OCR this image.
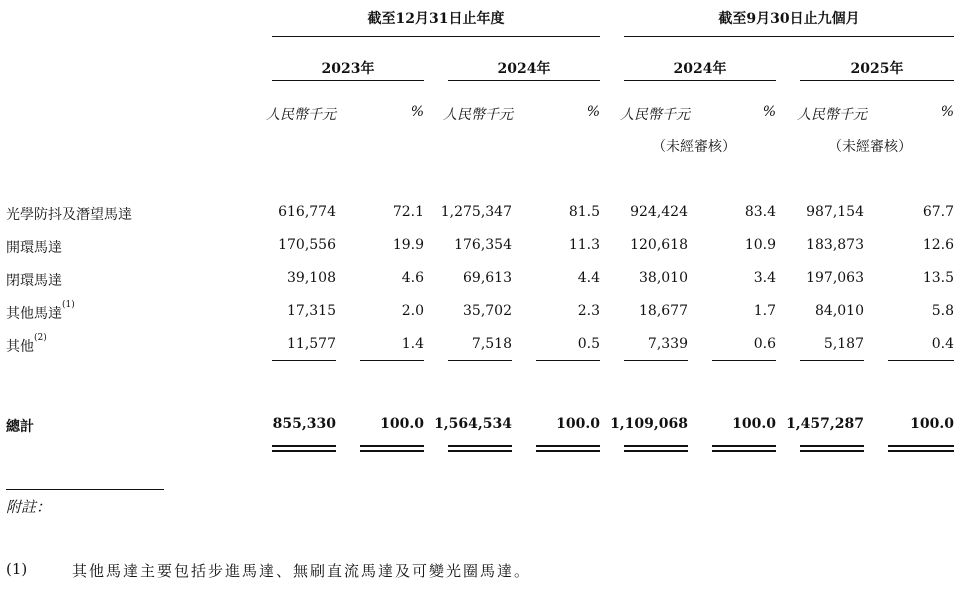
截至12月31日止年度	截至9月30日止九個月
2023年	2024年	2024年	2025年
人民幣千元	% 人民幣千元	% 人民幣千元	% 人民幣千元	%
（未經審核）	（未經審核）
光學防抖及潛望馬達	616,774	72.1	1,275,347	81.5	924,424	83.4	987,154	67.7
開環馬達	170,556	19.9	176,354	11.3	120,618	10.9	183,873	12.6
閉環馬達	39,108	4.6	69,613	4.4	38,010	3.4	197,063	13.5
其他馬達$^{(1)}$	17,315	2.0	35,702	2.3	18,677	1.7	84,010	5.8
其他$^{(2)}$	11,577	1.4	7,518	0.5	7,339	0.6	5,187	0.4
總計	855,330	100.0 1,564,534	100.0 1,109,068	100.0 1,457,287	100.0
附註：
(1)	其他馬達主要包括步進馬達、無刷直流馬達及可變光圈馬達。
